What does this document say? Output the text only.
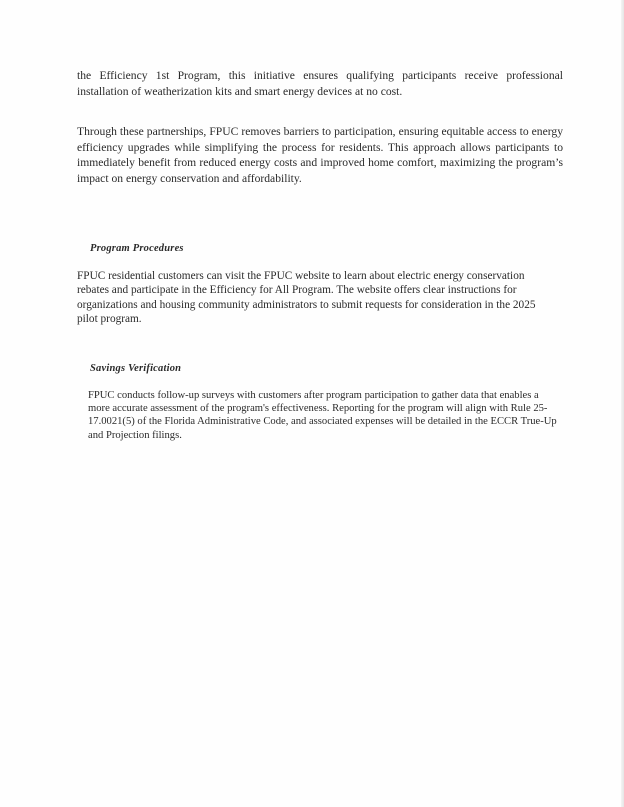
the Efficiency 1st Program, this initiative ensures qualifying participants receive professional installation of weatherization kits and smart energy devices at no cost.

Through these partnerships, FPUC removes barriers to participation, ensuring equitable access to energy efficiency upgrades while simplifying the process for residents. This approach allows participants to immediately benefit from reduced energy costs and improved home comfort, maximizing the program’s impact on energy conservation and affordability.

Program Procedures

FPUC residential customers can visit the FPUC website to learn about electric energy conservation rebates and participate in the Efficiency for All Program. The website offers clear instructions for organizations and housing community administrators to submit requests for consideration in the 2025 pilot program.

Savings Verification

FPUC conducts follow-up surveys with customers after program participation to gather data that enables a more accurate assessment of the program's effectiveness. Reporting for the program will align with Rule 25-17.0021(5) of the Florida Administrative Code, and associated expenses will be detailed in the ECCR True-Up and Projection filings.
